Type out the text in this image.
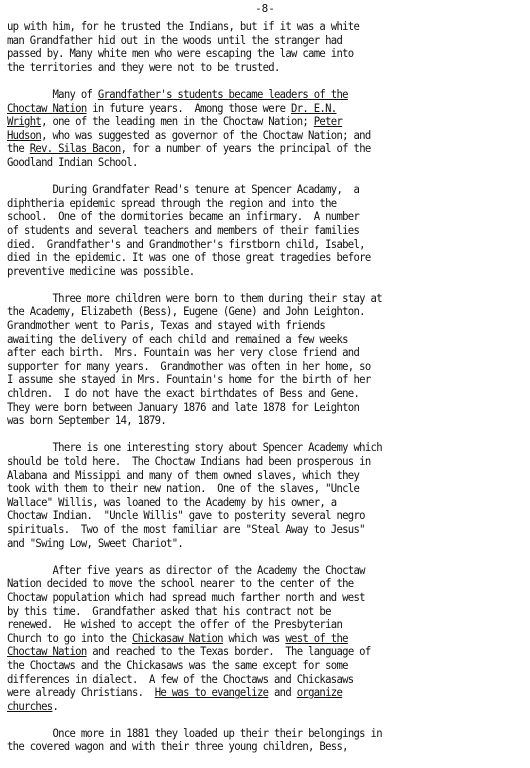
-8-

up with him, for he trusted the Indians, but if it was a white
man Grandfather hid out in the woods until the stranger had
passed by. Many white men who were escaping the law came into
the territories and they were not to be trusted.

Many of Grandfather's students became leaders of the
Choctaw Nation in future years.  Among those were Dr. E.N.
Wright, one of the leading men in the Choctaw Nation; Peter
Hudson, who was suggested as governor of the Choctaw Nation; and
the Rev. Silas Bacon, for a number of years the principal of the
Goodland Indian School.

During Grandfater Read's tenure at Spencer Acadamy,  a
diphtheria epidemic spread through the region and into the
school.  One of the dormitories became an infirmary.  A number
of students and several teachers and members of their families
died.  Grandfather's and Grandmother's firstborn child, Isabel,
died in the epidemic. It was one of those great tragedies before
preventive medicine was possible.

Three more children were born to them during their stay at
the Academy, Elizabeth (Bess), Eugene (Gene) and John Leighton.
Grandmother went to Paris, Texas and stayed with friends
awaiting the delivery of each child and remained a few weeks
after each birth.  Mrs. Fountain was her very close friend and
supporter for many years.  Grandmother was often in her home, so
I assume she stayed in Mrs. Fountain's home for the birth of her
chldren.  I do not have the exact birthdates of Bess and Gene.
They were born between January 1876 and late 1878 for Leighton
was born September 14, 1879.

There is one interesting story about Spencer Academy which
should be told here.  The Choctaw Indians had been prosperous in
Alabana and Missippi and many of them owned slaves, which they
took with them to their new nation.  One of the slaves, "Uncle
Wallace" Willis, was loaned to the Academy by his owner, a
Choctaw Indian.  "Uncle Willis" gave to posterity several negro
spirituals.  Two of the most familiar are "Steal Away to Jesus"
and "Swing Low, Sweet Chariot".

After five years as director of the Academy the Choctaw
Nation decided to move the school nearer to the center of the
Choctaw population which had spread much farther north and west
by this time.  Grandfather asked that his contract not be
renewed.  He wished to accept the offer of the Presbyterian
Church to go into the Chickasaw Nation which was west of the
Choctaw Nation and reached to the Texas border.  The language of
the Choctaws and the Chickasaws was the same except for some
differences in dialect.  A few of the Choctaws and Chickasaws
were already Christians.  He was to evangelize and organize
churches.

Once more in 1881 they loaded up their their belongings in
the covered wagon and with their three young children, Bess,
